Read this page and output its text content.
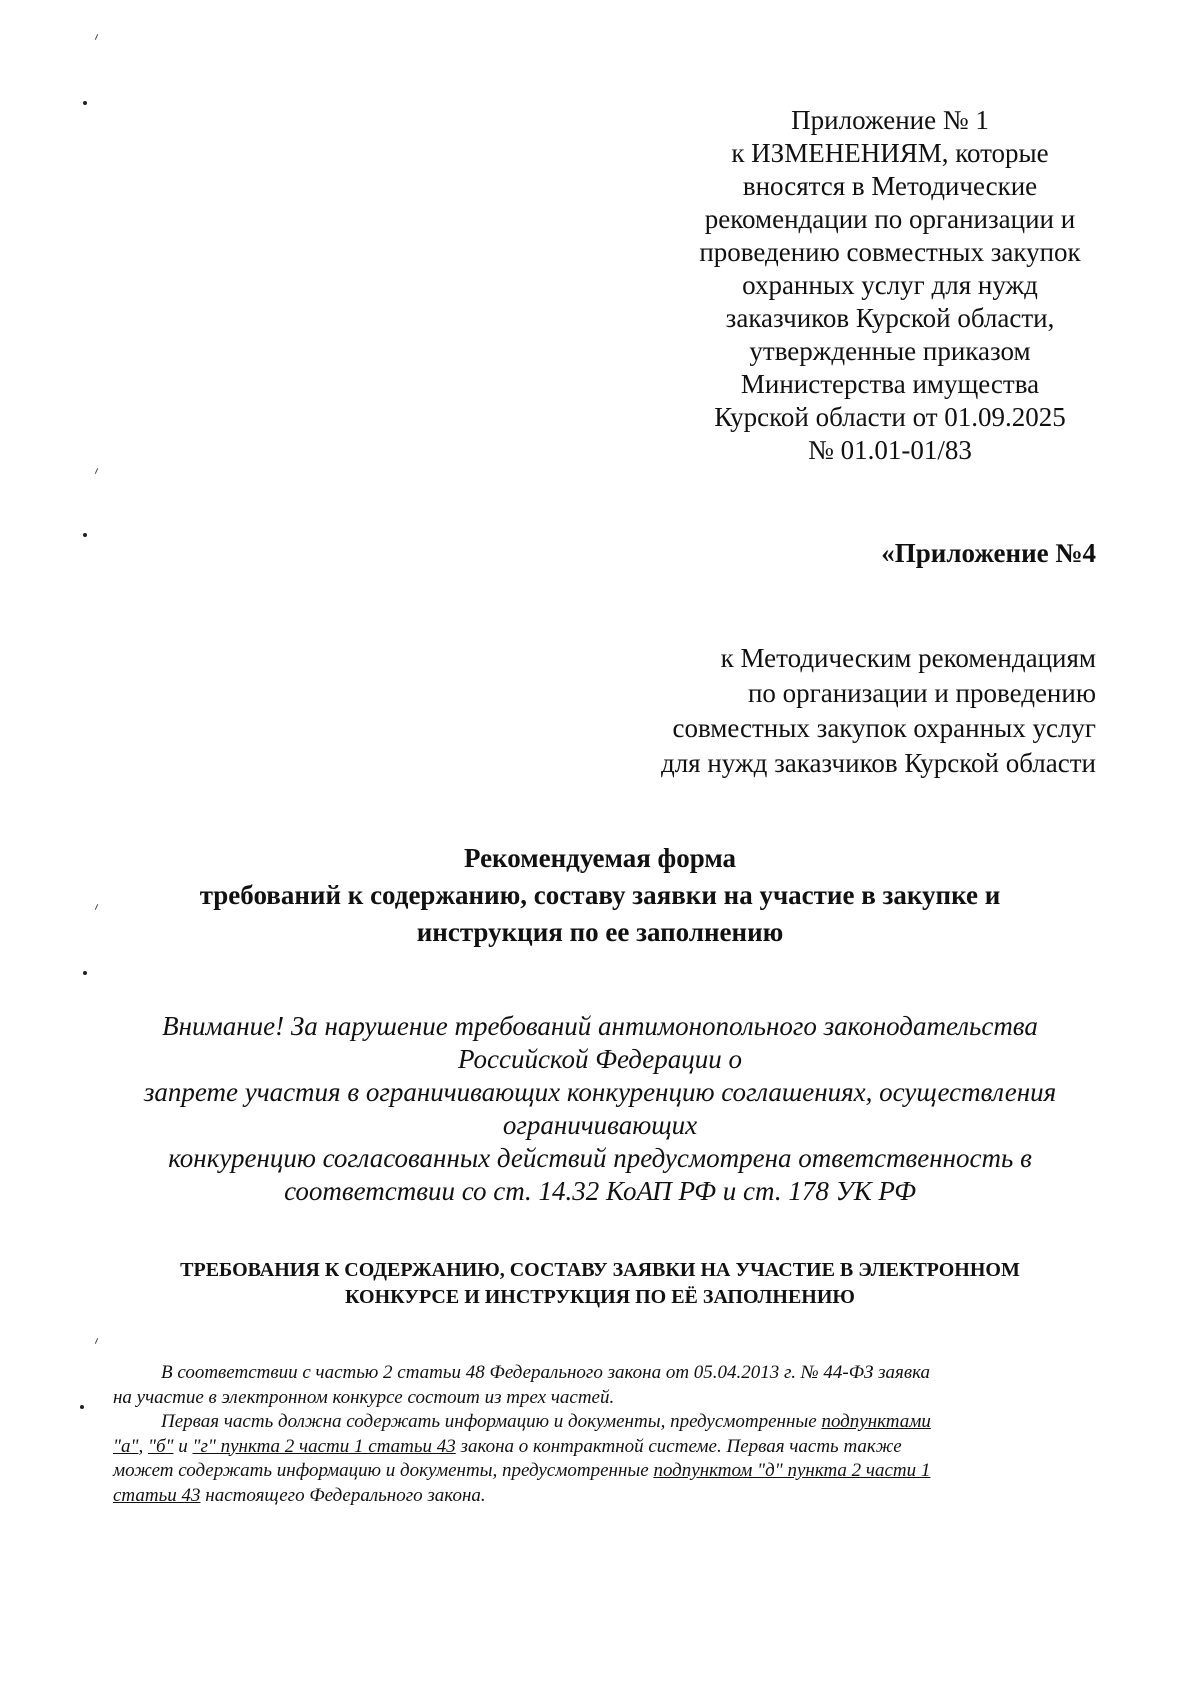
Приложение № 1
к ИЗМЕНЕНИЯМ, которые
вносятся в Методические
рекомендации по организации и
проведению совместных закупок
охранных услуг для нужд
заказчиков Курской области,
утвержденные приказом
Министерства имущества
Курской области от 01.09.2025
№ 01.01-01/83
«Приложение №4
к Методическим рекомендациям
по организации и проведению
совместных закупок охранных услуг
для нужд заказчиков Курской области
Рекомендуемая форма
требований к содержанию, составу заявки на участие в закупке и
инструкция по ее заполнению
Внимание! За нарушение требований антимонопольного законодательства
Российской Федерации о
запрете участия в ограничивающих конкуренцию соглашениях, осуществления
ограничивающих
конкуренцию согласованных действий предусмотрена ответственность в
соответствии со ст. 14.32 КоАП РФ и ст. 178 УК РФ
ТРЕБОВАНИЯ К СОДЕРЖАНИЮ, СОСТАВУ ЗАЯВКИ НА УЧАСТИЕ В ЭЛЕКТРОННОМ
КОНКУРСЕ И ИНСТРУКЦИЯ ПО ЕЁ ЗАПОЛНЕНИЮ
В соответствии с частью 2 статьи 48 Федерального закона от 05.04.2013 г. № 44-ФЗ заявка
на участие в электронном конкурсе состоит из трех частей.
Первая часть должна содержать информацию и документы, предусмотренные подпунктами
"а", "б" и "г" пункта 2 части 1 статьи 43 закона о контрактной системе. Первая часть также
может содержать информацию и документы, предусмотренные подпунктом "д" пункта 2 части 1
статьи 43 настоящего Федерального закона.
